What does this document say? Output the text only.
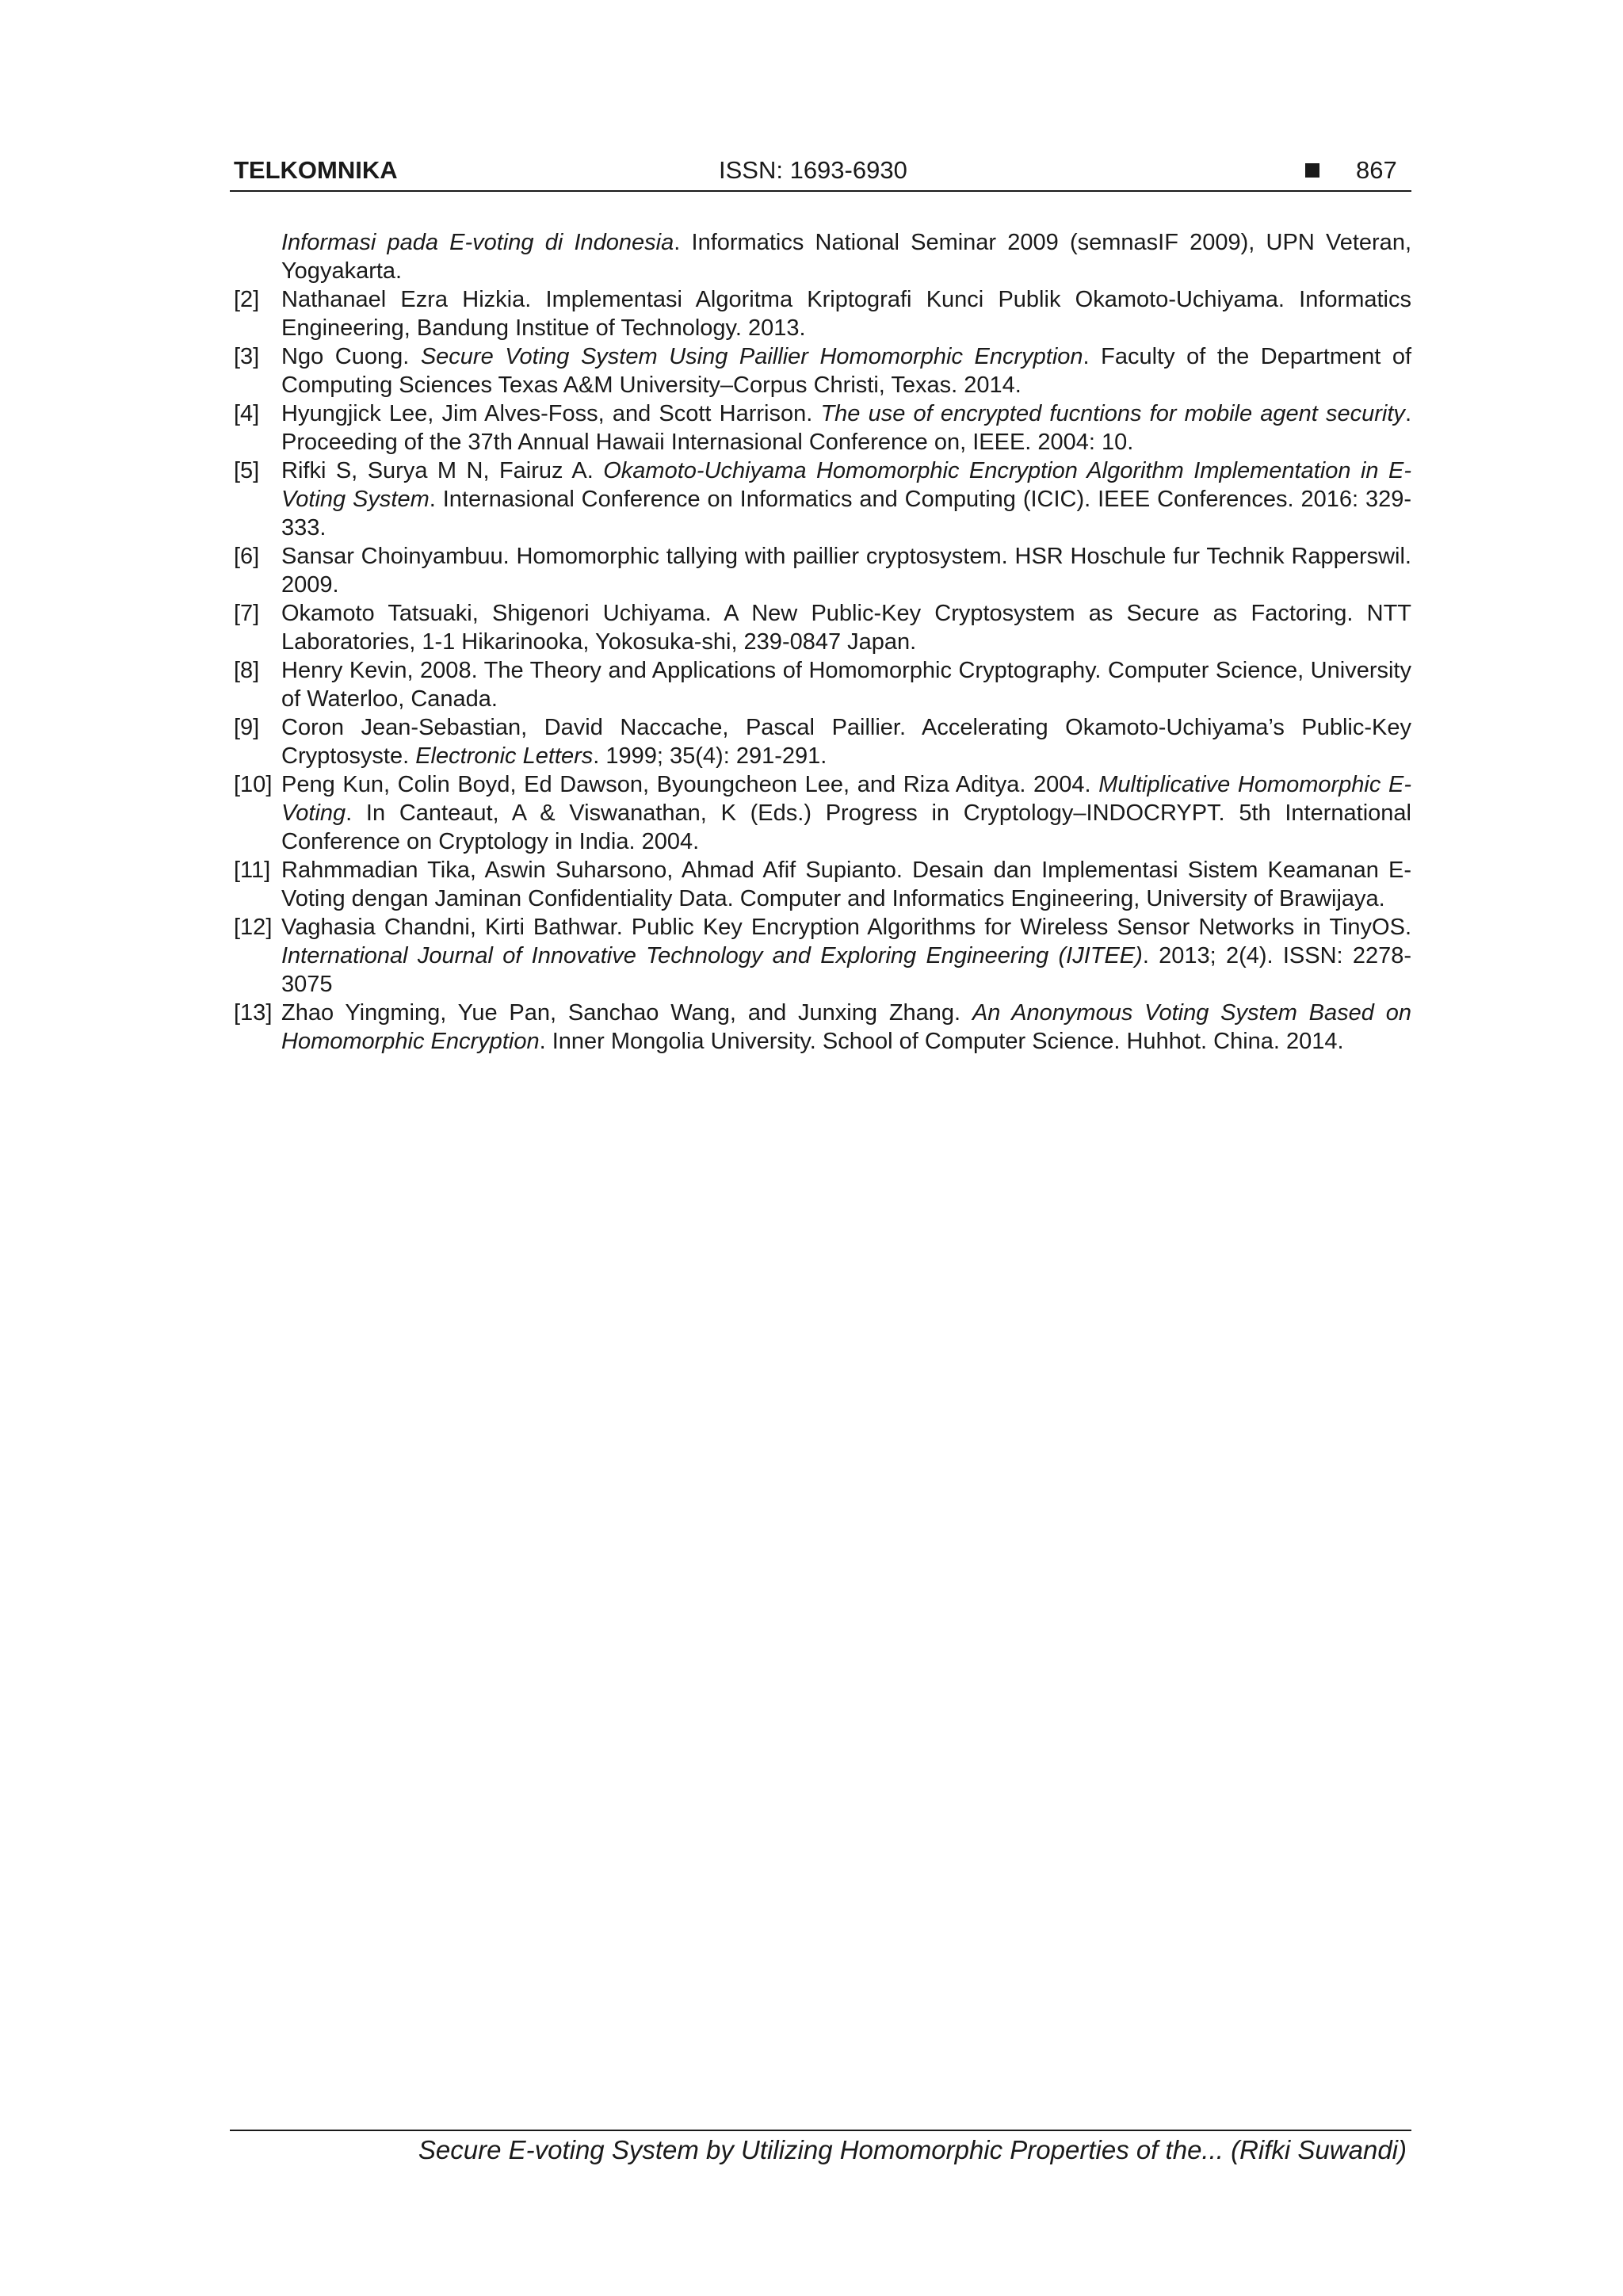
TELKOMNIKA	ISSN: 1693-6930	867

Informasi pada E-voting di Indonesia. Informatics National Seminar 2009 (semnasIF 2009), UPN Veteran, Yogyakarta.

[2] Nathanael Ezra Hizkia. Implementasi Algoritma Kriptografi Kunci Publik Okamoto-Uchiyama. Informatics Engineering, Bandung Institue of Technology. 2013.

[3] Ngo Cuong. Secure Voting System Using Paillier Homomorphic Encryption. Faculty of the Department of Computing Sciences Texas A&M University–Corpus Christi, Texas. 2014.

[4] Hyungjick Lee, Jim Alves-Foss, and Scott Harrison. The use of encrypted fucntions for mobile agent security. Proceeding of the 37th Annual Hawaii Internasional Conference on, IEEE. 2004: 10.

[5] Rifki S, Surya M N, Fairuz A. Okamoto-Uchiyama Homomorphic Encryption Algorithm Implementation in E-Voting System. Internasional Conference on Informatics and Computing (ICIC). IEEE Conferences. 2016: 329-333.

[6] Sansar Choinyambuu. Homomorphic tallying with paillier cryptosystem. HSR Hoschule fur Technik Rapperswil. 2009.

[7] Okamoto Tatsuaki, Shigenori Uchiyama. A New Public-Key Cryptosystem as Secure as Factoring. NTT Laboratories, 1-1 Hikarinooka, Yokosuka-shi, 239-0847 Japan.

[8] Henry Kevin, 2008. The Theory and Applications of Homomorphic Cryptography. Computer Science, University of Waterloo, Canada.

[9] Coron Jean-Sebastian, David Naccache, Pascal Paillier. Accelerating Okamoto-Uchiyama’s Public-Key Cryptosyste. Electronic Letters. 1999; 35(4): 291-291.

[10] Peng Kun, Colin Boyd, Ed Dawson, Byoungcheon Lee, and Riza Aditya. 2004. Multiplicative Homomorphic E-Voting. In Canteaut, A & Viswanathan, K (Eds.) Progress in Cryptology–INDOCRYPT. 5th International Conference on Cryptology in India. 2004.

[11] Rahmmadian Tika, Aswin Suharsono, Ahmad Afif Supianto. Desain dan Implementasi Sistem Keamanan E-Voting dengan Jaminan Confidentiality Data. Computer and Informatics Engineering, University of Brawijaya.

[12] Vaghasia Chandni, Kirti Bathwar. Public Key Encryption Algorithms for Wireless Sensor Networks in TinyOS. International Journal of Innovative Technology and Exploring Engineering (IJITEE). 2013; 2(4). ISSN: 2278-3075

[13] Zhao Yingming, Yue Pan, Sanchao Wang, and Junxing Zhang. An Anonymous Voting System Based on Homomorphic Encryption. Inner Mongolia University. School of Computer Science. Huhhot. China. 2014.

Secure E-voting System by Utilizing Homomorphic Properties of the... (Rifki Suwandi)
